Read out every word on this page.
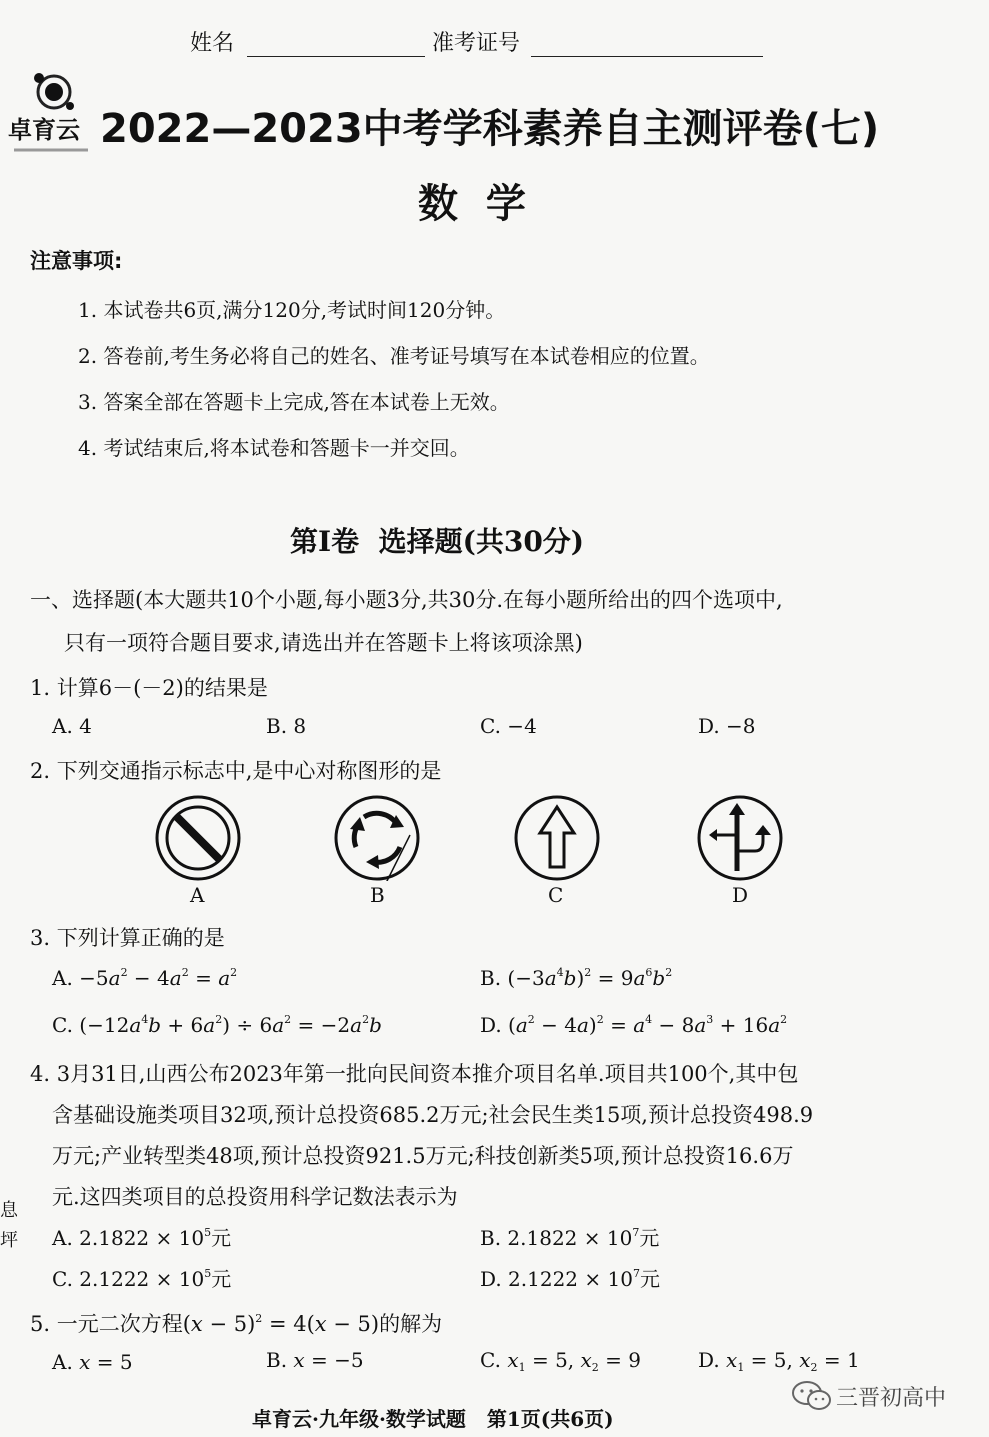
姓名	准考证号
卓育云 2022—2023中考学科素养自主测评卷(七)
数  学
注意事项:
1. 本试卷共6页,满分120分,考试时间120分钟。
2. 答卷前,考生务必将自己的姓名、准考证号填写在本试卷相应的位置。
3. 答案全部在答题卡上完成,答在本试卷上无效。
4. 考试结束后,将本试卷和答题卡一并交回。
第Ⅰ卷  选择题(共30分)
一、选择题(本大题共10个小题,每小题3分,共30分.在每小题所给出的四个选项中,
只有一项符合题目要求,请选出并在答题卡上将该项涂黑)
1. 计算6－(－2)的结果是
A. 4	B. 8	C. −4	D. −8
2. 下列交通指示标志中,是中心对称图形的是
A	B	C	D
3. 下列计算正确的是
A. $-5a^2 - 4a^2 = a^2$	B. $(-3a^4b)^2 = 9a^6b^2$
C. $(-12a^4b + 6a^2) \div 6a^2 = -2a^2b$	D. $(a^2 - 4a)^2 = a^4 - 8a^3 + 16a^2$
4. 3月31日,山西公布2023年第一批向民间资本推介项目名单.项目共100个,其中包
含基础设施类项目32项,预计总投资685.2万元;社会民生类15项,预计总投资498.9
万元;产业转型类48项,预计总投资921.5万元;科技创新类5项,预计总投资16.6万
元.这四类项目的总投资用科学记数法表示为
A. $2.1822 \times 10^5$元	B. $2.1822 \times 10^7$元
C. $2.1222 \times 10^5$元	D. $2.1222 \times 10^7$元
息
坪
5. 一元二次方程$(x - 5)^2 = 4(x - 5)$的解为
A. x = 5	B. x = −5	C. $x_1 = 5$, $x_2 = 9$	D. $x_1 = 5$, $x_2 = 1$
卓育云·九年级·数学试题   第1页(共6页)
三晋初高中
